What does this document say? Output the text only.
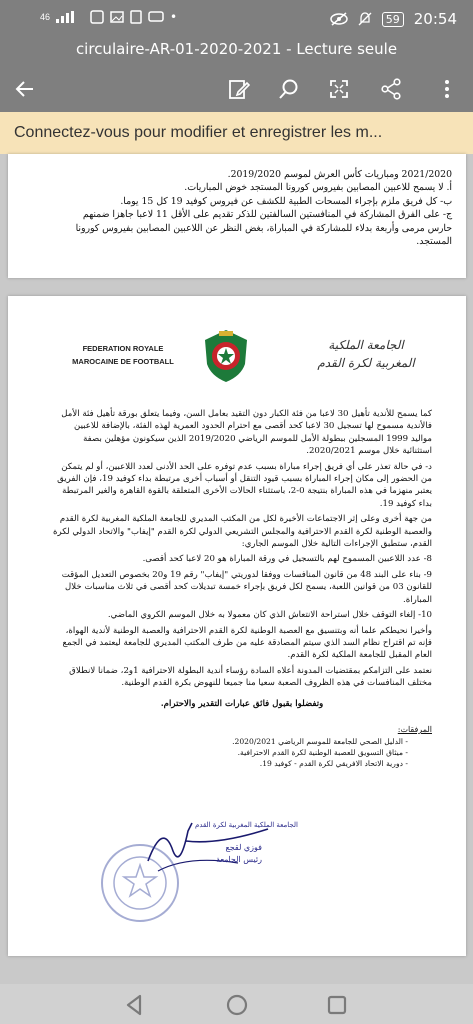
46	•	59 20:54
circulaire-AR-01-2020-2021 - Lecture seule
Connectez-vous pour modifier et enregistrer les m...

2021/2020 ومباريات كأس العرش لموسم 2019/2020.
أ. لا يسمح للاعبين المصابين بفيروس كورونا المستجد خوض المباريات.
ب- كل فريق ملزم بإجراء المسحات الطبية للكشف عن فيروس كوفيد 19 كل 15 يوما.
ج- على الفرق المشاركة في المنافستين السالفتين للذكر تقديم على الأقل 11 لاعبا جاهزا ضمنهم
حارس مرمى وأربعة بدلاء للمشاركة في المباراة، بغض النظر عن اللاعبين المصابين بفيروس كورونا
المستجد.
FEDERATION ROYALE
MAROCAINE DE FOOTBALL
الجامعة الملكية
المغربية لكرة القدم

كما يسمح للأندية تأهيل 30 لاعبا من فئة الكبار دون التقيد بعامل السن، وفيما يتعلق بورقة تأهيل فئة الأمل فالأندية مسموح لها تسجيل 30 لاعبا كحد أقصى مع احترام الحدود العمرية لهذه الفئة، بالإضافة للاعبين مواليد 1999 المسجلين ببطولة الأمل للموسم الرياضي 2019/2020 الذين سيكونون مؤهلين بصفة استثنائية خلال موسم 2020/2021.

د- في حالة تعذر على أي فريق إجراء مباراة بسبب عدم توفره على الحد الأدنى لعدد اللاعبين، أو لم يتمكن من الحضور إلى مكان إجراء المباراة بسبب قيود التنقل أو أسباب أخرى مرتبطة بداء كوفيد 19، فإن الفريق يعتبر منهزما في هذه المباراة بنتيجة 0-2، باستثناء الحالات الأخرى المتعلقة بالقوة القاهرة والغير المرتبطة بداء كوفيد 19.

من جهة أخرى وعلى إثر الاجتماعات الأخيرة لكل من المكتب المديري للجامعة الملكية المغربية لكرة القدم والعصبة الوطنية لكرة القدم الاحترافية والمجلس التشريعي الدولي لكرة القدم "إيفاب" والاتحاد الدولي لكرة القدم، ستطبق الإجراءات التالية خلال الموسم الجاري:

8- عدد اللاعبين المسموح لهم بالتسجيل في ورقة المباراة هو 20 لاعبا كحد أقصى.

9- بناء على البند 48 من قانون المنافسات ووفقا لدوريتي "إيفاب" رقم 19 و20 بخصوص التعديل المؤقت للقانون 03 من قوانين اللعبة، يسمح لكل فريق بإجراء خمسة تبديلات كحد أقصى في ثلاث مناسبات خلال المباراة.

10- إلغاء التوقف خلال استراحة الانتعاش الذي كان معمولا به خلال الموسم الكروي الماضي.

وأخيرا نحيطكم علما أنه وبتنسيق مع العصبة الوطنية لكرة القدم الاحترافية والعصبة الوطنية لأندية الهواة، فإنه تم اقتراح نظام السد الذي سيتم المصادقة عليه من طرف المكتب المديري للجامعة ليعتمد في الجمع العام المقبل للجامعة الملكية لكرة القدم.

نعتمد على التزامكم بمقتضيات المدونة أعلاه السادة رؤساء أندية البطولة الاحترافية 1و2، ضمانا لانطلاق مختلف المنافسات في هذه الظروف الصعبة سعيا منا جميعا للنهوض بكرة القدم الوطنية.

وتفضلوا بقبول فائق عبارات التقدير والاحترام.

المرفقات:
- الدليل الصحي للجامعة للموسم الرياضي 2020/2021.
- ميثاق التسويق للعصبة الوطنية لكرة القدم الاحترافية.
- دورية الاتحاد الافريقي لكرة القدم - كوفيد 19.
الجامعة الملكية المغربية لكرة القدم
فوزي لقجع
رئيس الجامعة
